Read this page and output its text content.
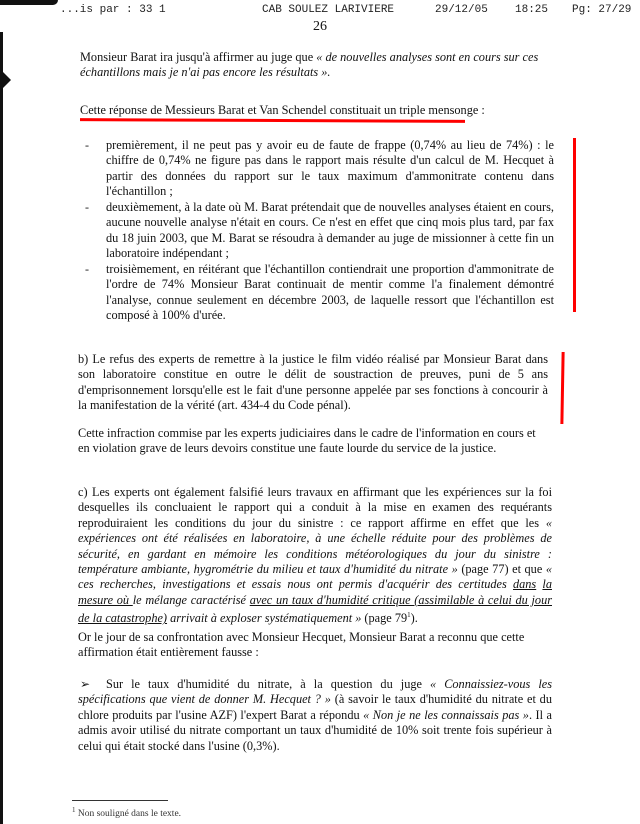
...is par : 33 1	CAB SOULEZ LARIVIERE	29/12/05 18:25 Pg: 27/29
26

Monsieur Barat ira jusqu'à affirmer au juge que « de nouvelles analyses sont en cours sur ces échantillons mais je n'ai pas encore les résultats ».

Cette réponse de Messieurs Barat et Van Schendel constituait un triple mensonge :

- premièrement, il ne peut pas y avoir eu de faute de frappe (0,74% au lieu de 74%) : le chiffre de 0,74% ne figure pas dans le rapport mais résulte d'un calcul de M. Hecquet à partir des données du rapport sur le taux maximum d'ammonitrate contenu dans l'échantillon ;

- deuxièmement, à la date où M. Barat prétendait que de nouvelles analyses étaient en cours, aucune nouvelle analyse n'était en cours. Ce n'est en effet que cinq mois plus tard, par fax du 18 juin 2003, que M. Barat se résoudra à demander au juge de missionner à cette fin un laboratoire indépendant ;

- troisièmement, en réitérant que l'échantillon contiendrait une proportion d'ammonitrate de l'ordre de 74% Monsieur Barat continuait de mentir comme l'a finalement démontré l'analyse, connue seulement en décembre 2003, de laquelle ressort que l'échantillon est composé à 100% d'urée.

b) Le refus des experts de remettre à la justice le film vidéo réalisé par Monsieur Barat dans son laboratoire constitue en outre le délit de soustraction de preuves, puni de 5 ans d'emprisonnement lorsqu'elle est le fait d'une personne appelée par ses fonctions à concourir à la manifestation de la vérité (art. 434-4 du Code pénal).

Cette infraction commise par les experts judiciaires dans le cadre de l'information en cours et en violation grave de leurs devoirs constitue une faute lourde du service de la justice.

c) Les experts ont également falsifié leurs travaux en affirmant que les expériences sur la foi desquelles ils concluaient le rapport qui a conduit à la mise en examen des requérants reproduiraient les conditions du jour du sinistre : ce rapport affirme en effet que les « expériences ont été réalisées en laboratoire, à une échelle réduite pour des problèmes de sécurité, en gardant en mémoire les conditions météorologiques du jour du sinistre : température ambiante, hygrométrie du milieu et taux d'humidité du nitrate » (page 77) et que « ces recherches, investigations et essais nous ont permis d'acquérir des certitudes dans la mesure où le mélange caractérisé avec un taux d'humidité critique (assimilable à celui du jour de la catastrophe) arrivait à exploser systématiquement » (page $79^1$).

Or le jour de sa confrontation avec Monsieur Hecquet, Monsieur Barat a reconnu que cette affirmation était entièrement fausse :

➢	Sur le taux d'humidité du nitrate, à la question du juge « Connaissiez-vous les spécifications que vient de donner M. Hecquet ? » (à savoir le taux d'humidité du nitrate et du chlore produits par l'usine AZF) l'expert Barat a répondu « Non je ne les connaissais pas ». Il a admis avoir utilisé du nitrate comportant un taux d'humidité de 10% soit trente fois supérieur à celui qui était stocké dans l'usine (0,3%).

$^1$ Non souligné dans le texte.
